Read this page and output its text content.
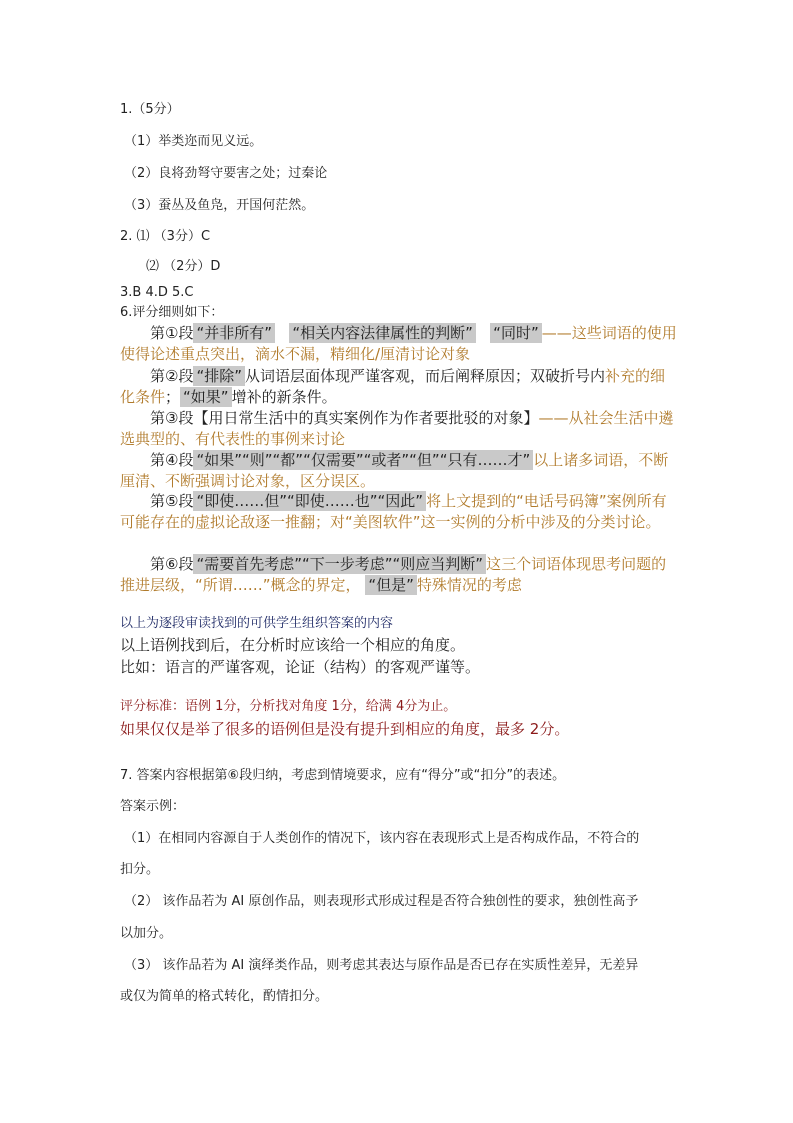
1.（5分）
（1）举类迩而见义远。
（2）良将劲弩守要害之处；过秦论
（3）蚕丛及鱼凫，开国何茫然。
2. ⑴ （3分）C
⑵ （2分）D
3.B 4.D 5.C
6.评分细则如下：
第①段 “并非所有” “相关内容法律属性的判断” “同时” ——这些词语的使用使得论述重点突出，滴水不漏，精细化/厘清讨论对象
第②段 “排除” 从词语层面体现严谨客观，而后阐释原因；双破折号内补充的细化条件； “如果” 增补的新条件。
第③段【用日常生活中的真实案例作为作者要批驳的对象】——从社会生活中遴选典型的、有代表性的事例来讨论
第④段 “如果”“则”“都”“仅需要”“或者”“但”“只有……才” 以上诸多词语，不断厘清、不断强调讨论对象，区分误区。
第⑤段 “即使……但”“即使……也”“因此” 将上文提到的“电话号码簿”案例所有可能存在的虚拟论敌逐一推翻；对“美图软件”这一实例的分析中涉及的分类讨论。
第⑥段 “需要首先考虑”“下一步考虑”“则应当判断” 这三个词语体现思考问题的推进层级，“所谓……”概念的界定， “但是” 特殊情况的考虑
以上为逐段审读找到的可供学生组织答案的内容
以上语例找到后，在分析时应该给一个相应的角度。
比如：语言的严谨客观，论证（结构）的客观严谨等。
评分标准：语例 1分，分析找对角度 1分，给满 4分为止。
如果仅仅是举了很多的语例但是没有提升到相应的角度，最多 2分。
7. 答案内容根据第⑥段归纳，考虑到情境要求，应有“得分”或“扣分”的表述。
答案示例：
（1）在相同内容源自于人类创作的情况下，该内容在表现形式上是否构成作品，不符合的
扣分。
（2） 该作品若为 AI 原创作品，则表现形式形成过程是否符合独创性的要求，独创性高予
以加分。
（3） 该作品若为 AI 演绎类作品，则考虑其表达与原作品是否已存在实质性差异，无差异
或仅为简单的格式转化，酌情扣分。
